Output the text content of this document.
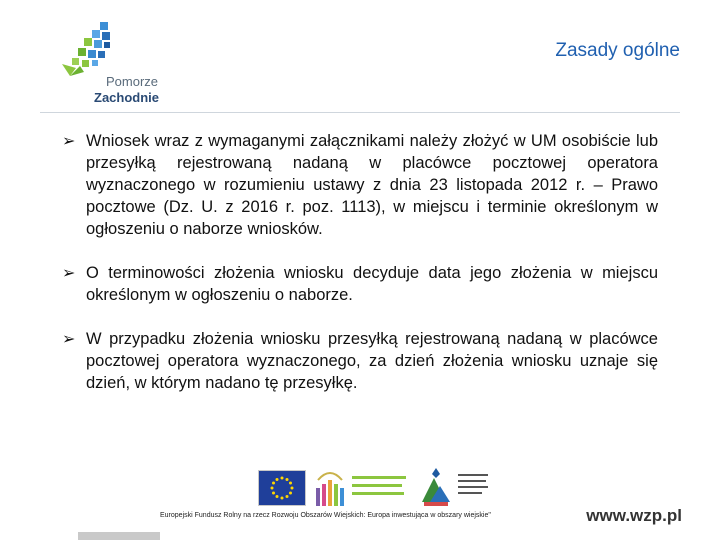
Pomorze
Zachodnie
Zasady ogólne
➢ Wniosek wraz z wymaganymi załącznikami należy złożyć w UM osobiście lub przesyłką rejestrowaną nadaną w placówce pocztowej operatora wyznaczonego w rozumieniu ustawy z dnia 23 listopada 2012 r. – Prawo pocztowe (Dz. U. z 2016 r. poz. 1113), w miejscu i terminie określonym w ogłoszeniu o naborze wniosków.
➢ O terminowości złożenia wniosku decyduje data jego złożenia w miejscu określonym w ogłoszeniu o naborze.
➢ W przypadku złożenia wniosku przesyłką rejestrowaną nadaną w placówce pocztowej operatora wyznaczonego, za dzień złożenia wniosku uznaje się dzień, w którym nadano tę przesyłkę.
Europejski Fundusz Rolny na rzecz Rozwoju Obszarów Wiejskich: Europa inwestująca w obszary wiejskie"	www.wzp.pl
